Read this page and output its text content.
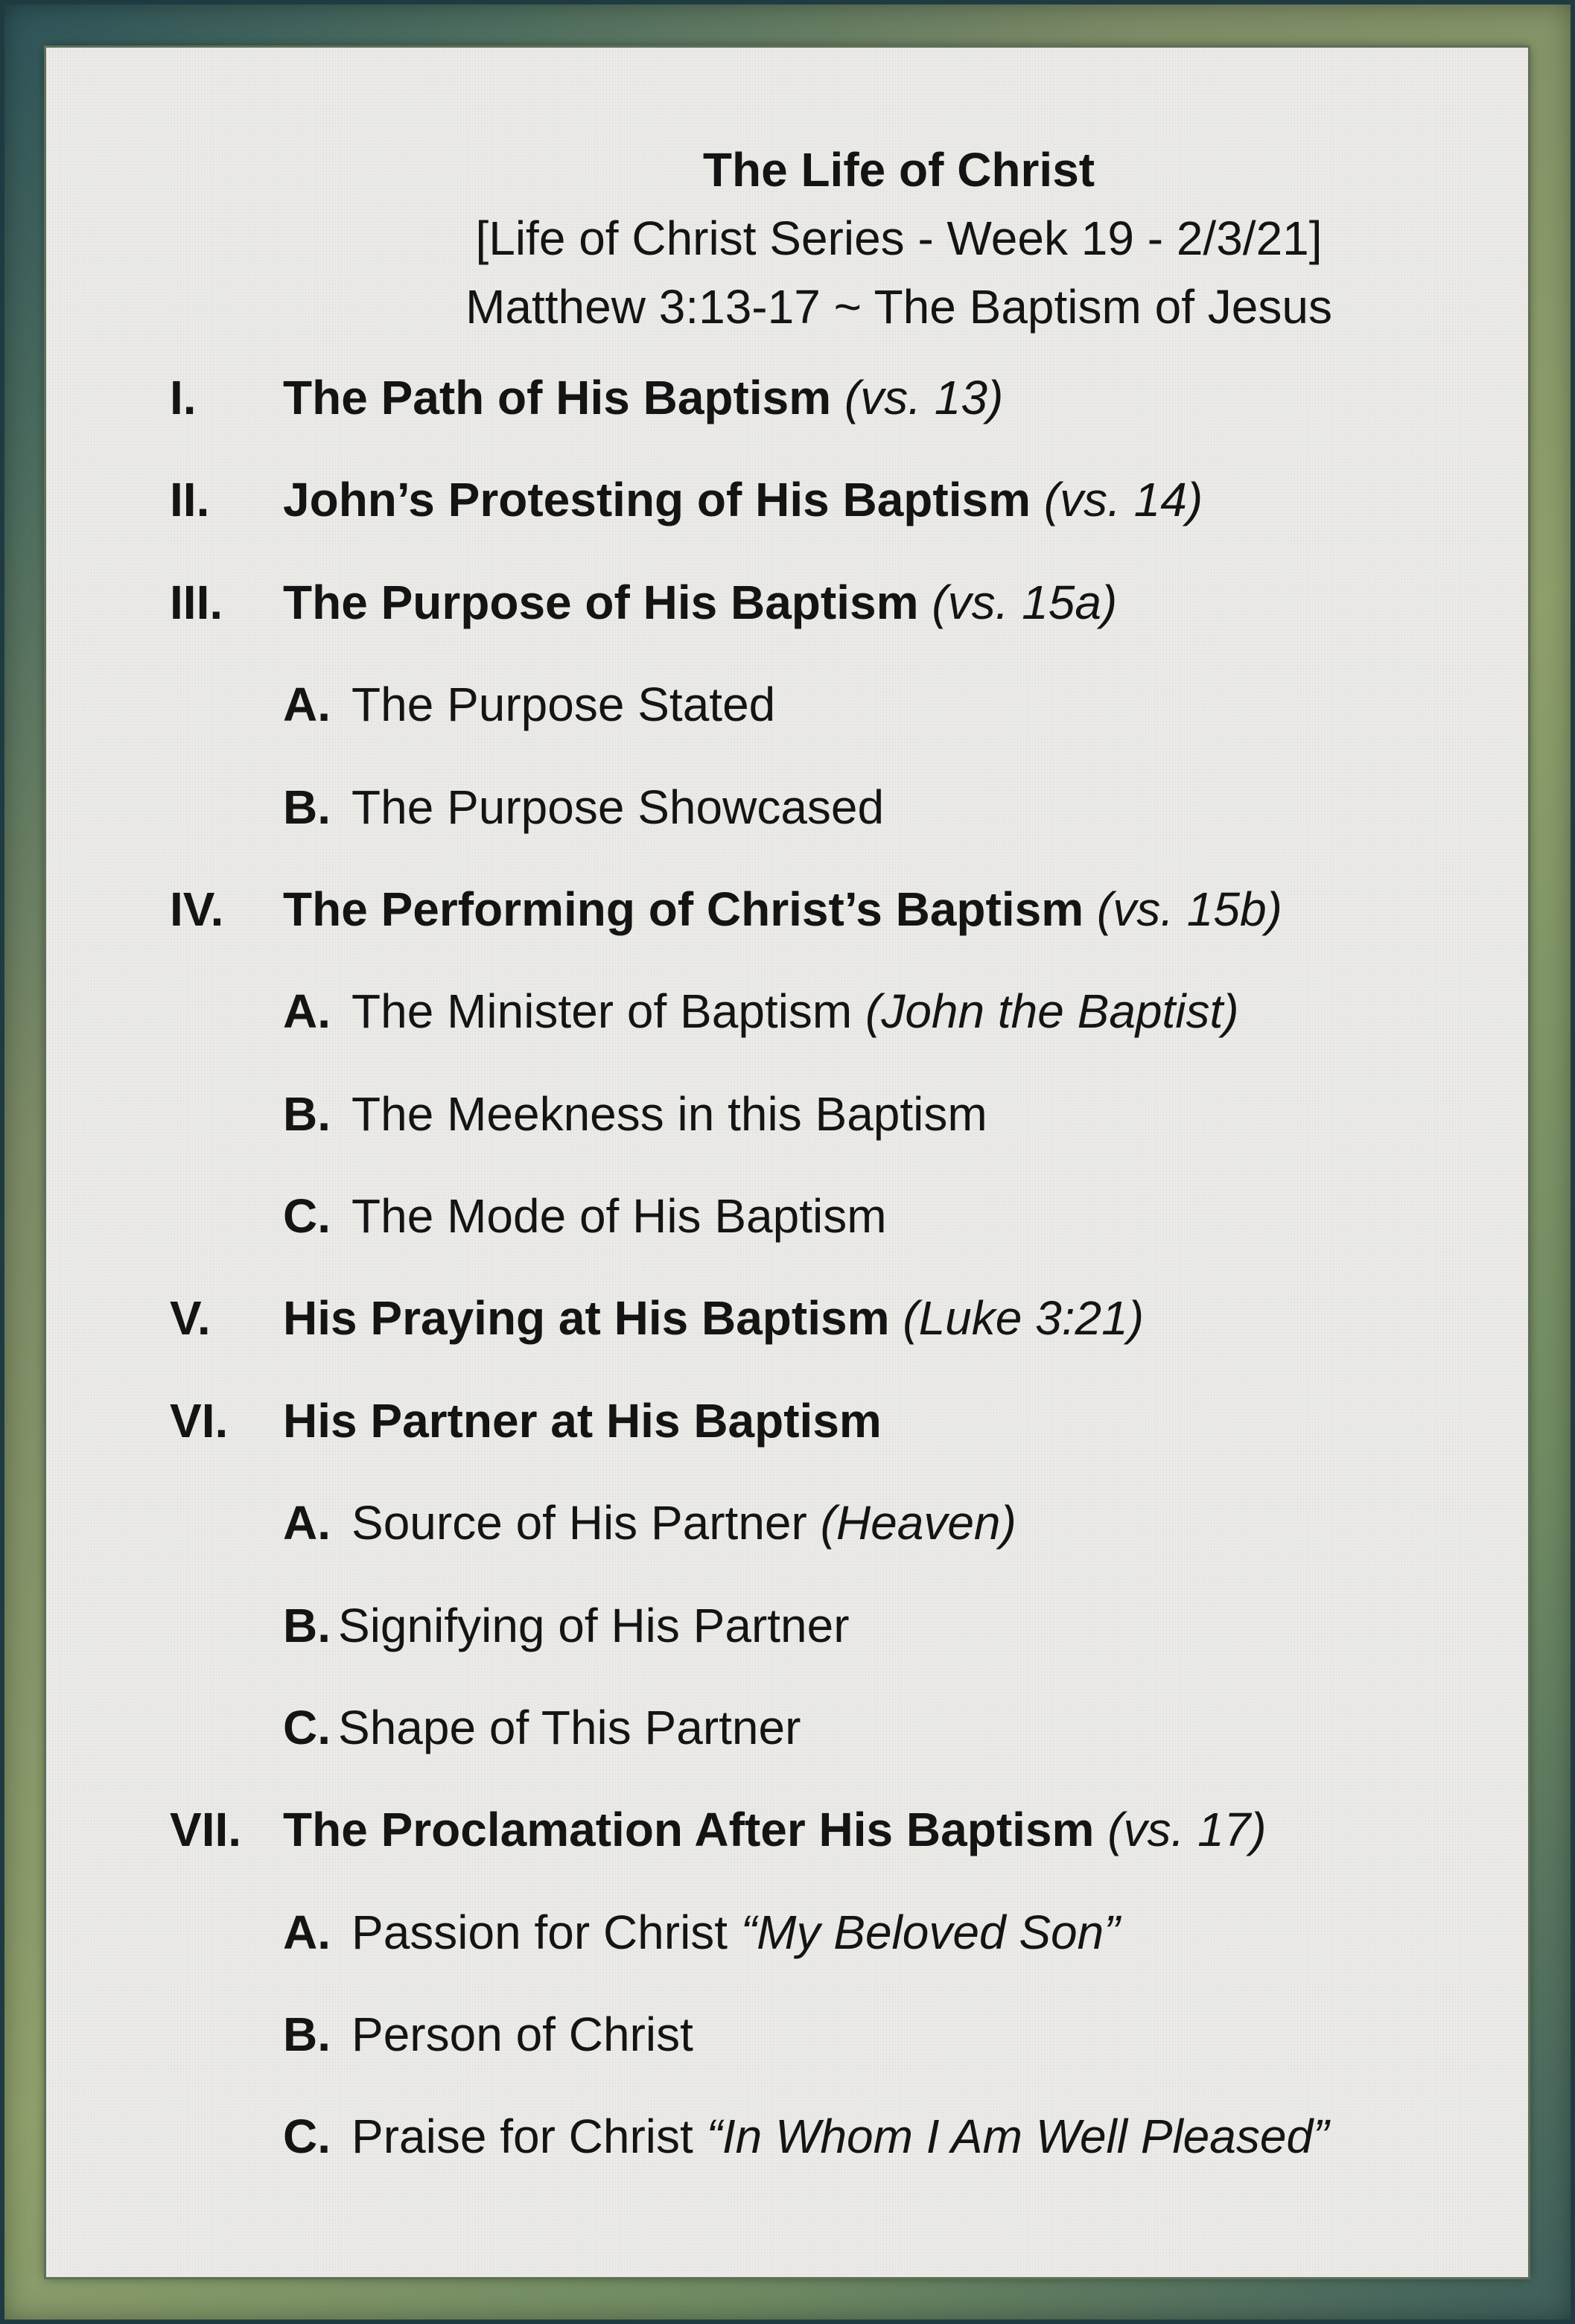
The Life of Christ
[Life of Christ Series - Week 19 - 2/3/21]
Matthew 3:13-17 ~ The Baptism of Jesus
I. The Path of His Baptism (vs. 13)
II. John’s Protesting of His Baptism (vs. 14)
III. The Purpose of His Baptism (vs. 15a)
A. The Purpose Stated
B. The Purpose Showcased
IV. The Performing of Christ’s Baptism (vs. 15b)
A. The Minister of Baptism (John the Baptist)
B. The Meekness in this Baptism
C. The Mode of His Baptism
V. His Praying at His Baptism (Luke 3:21)
VI. His Partner at His Baptism
A. Source of His Partner (Heaven)
B. Signifying of His Partner
C. Shape of This Partner
VII. The Proclamation After His Baptism (vs. 17)
A. Passion for Christ “My Beloved Son”
B. Person of Christ
C. Praise for Christ “In Whom I Am Well Pleased”
